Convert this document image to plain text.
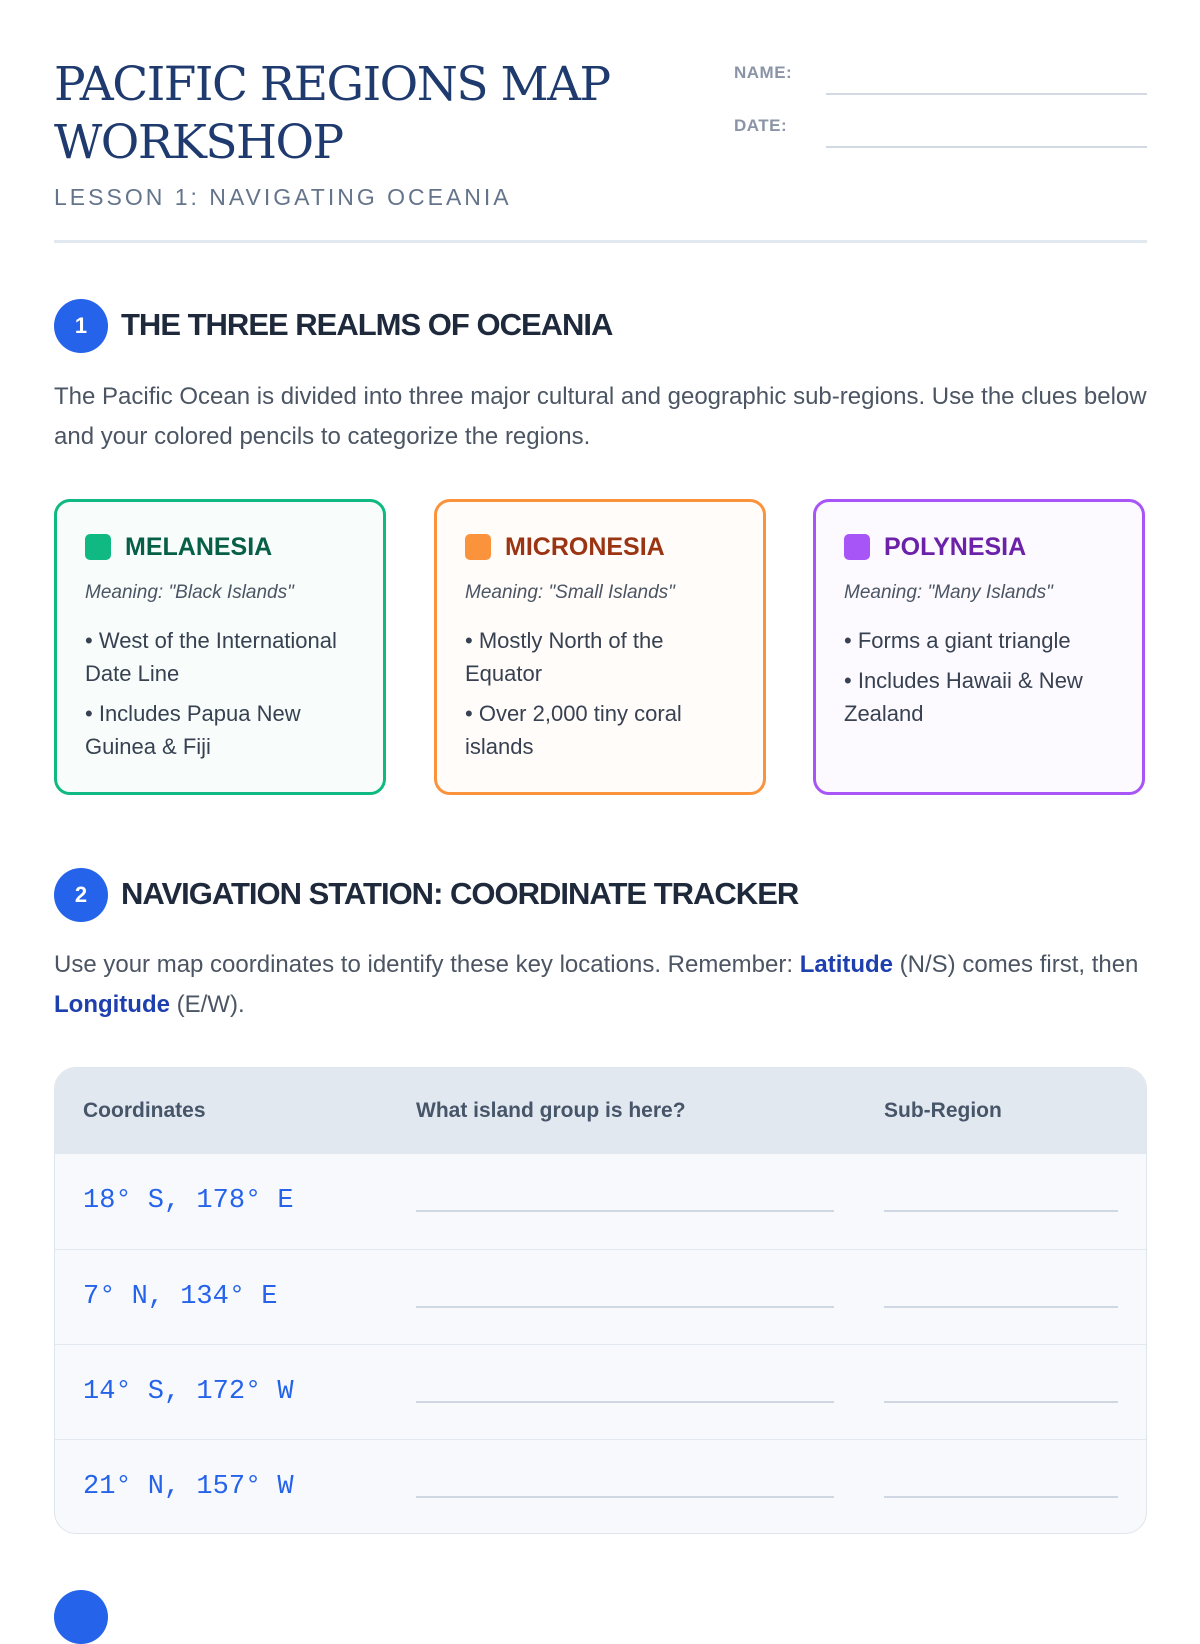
PACIFIC REGIONS MAP WORKSHOP
LESSON 1: NAVIGATING OCEANIA
NAME:
DATE:
1	THE THREE REALMS OF OCEANIA

The Pacific Ocean is divided into three major cultural and geographic sub-regions. Use the clues below and your colored pencils to categorize the regions.

MELANESIA
Meaning: "Black Islands"
• West of the International Date Line
• Includes Papua New Guinea & Fiji
MICRONESIA
Meaning: "Small Islands"
• Mostly North of the Equator
• Over 2,000 tiny coral islands
POLYNESIA
Meaning: "Many Islands"
• Forms a giant triangle
• Includes Hawaii & New Zealand
2	NAVIGATION STATION: COORDINATE TRACKER

Use your map coordinates to identify these key locations. Remember: Latitude (N/S) comes first, then Longitude (E/W).

Coordinates	What island group is here?	Sub-Region
18° S, 178° E	

7° N, 134° E	

14° S, 172° W	

21° N, 157° W	
